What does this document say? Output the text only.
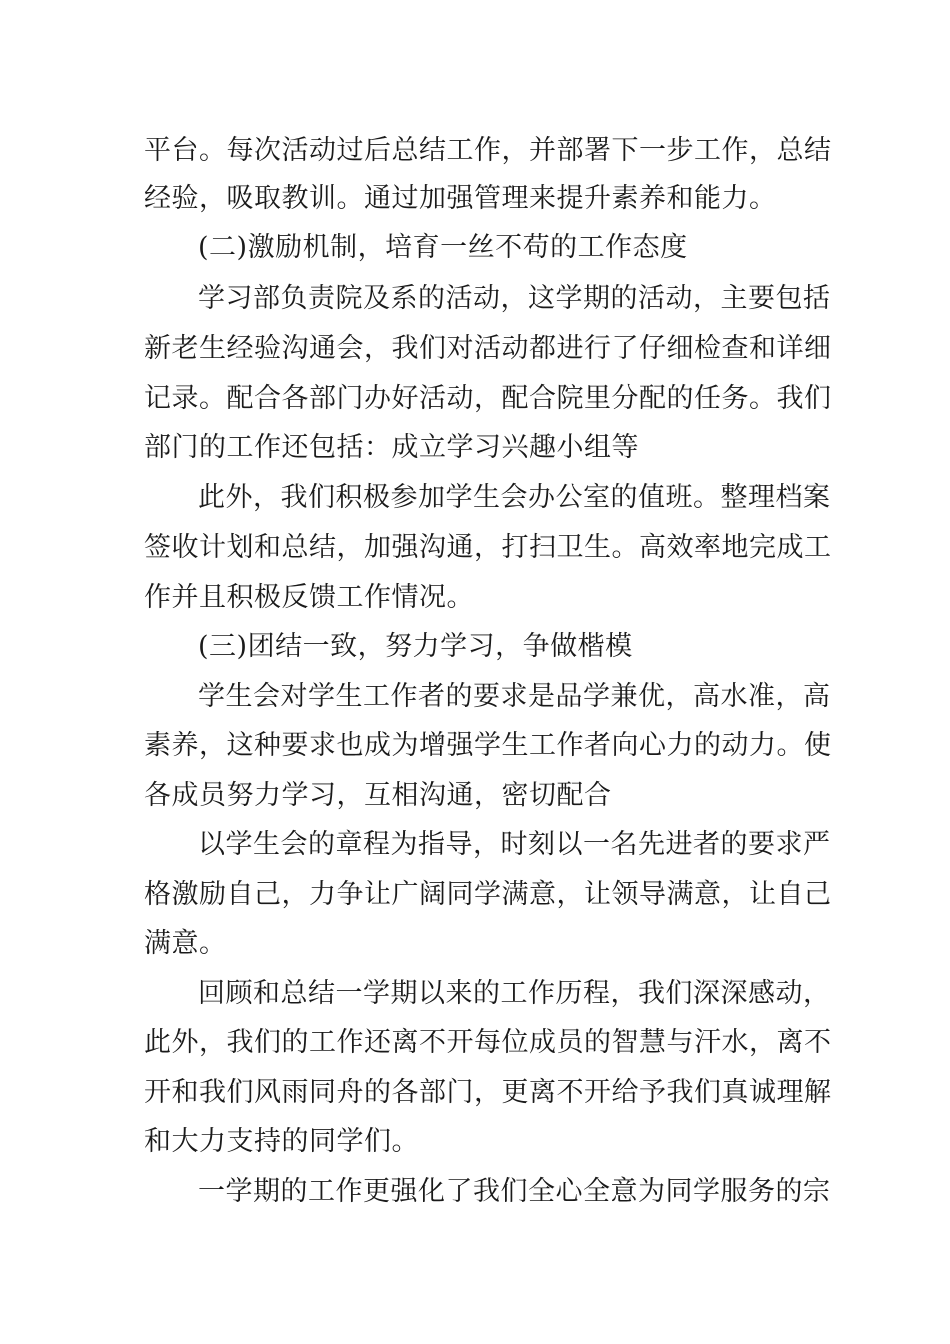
平台。每次活动过后总结工作，并部署下一步工作，总结
经验，吸取教训。通过加强管理来提升素养和能力。
(二)激励机制，培育一丝不苟的工作态度
学习部负责院及系的活动，这学期的活动，主要包括
新老生经验沟通会，我们对活动都进行了仔细检查和详细
记录。配合各部门办好活动，配合院里分配的任务。我们
部门的工作还包括：成立学习兴趣小组等
此外，我们积极参加学生会办公室的值班。整理档案
签收计划和总结，加强沟通，打扫卫生。高效率地完成工
作并且积极反馈工作情况。
(三)团结一致，努力学习，争做楷模
学生会对学生工作者的要求是品学兼优，高水准，高
素养，这种要求也成为增强学生工作者向心力的动力。使
各成员努力学习，互相沟通，密切配合
以学生会的章程为指导，时刻以一名先进者的要求严
格激励自己，力争让广阔同学满意，让领导满意，让自己
满意。
回顾和总结一学期以来的工作历程，我们深深感动，
此外，我们的工作还离不开每位成员的智慧与汗水，离不
开和我们风雨同舟的各部门，更离不开给予我们真诚理解
和大力支持的同学们。
一学期的工作更强化了我们全心全意为同学服务的宗
